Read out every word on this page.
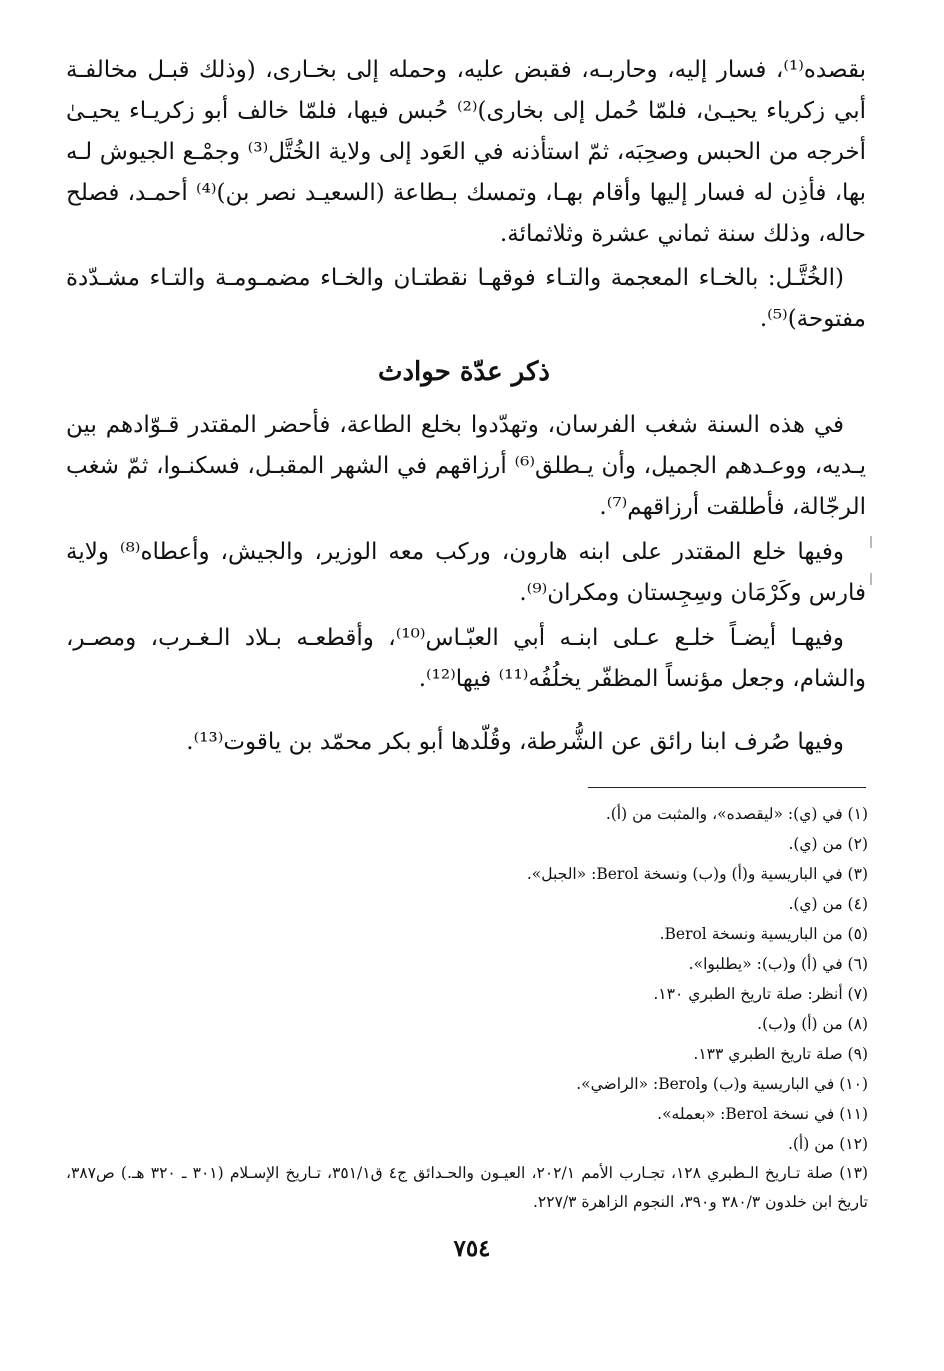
بقصده⁽¹⁾، فسار إليه، وحاربـه، فقبض عليه، وحمله إلى بخـارى، (وذلك قبـل مخالفـة أبي زكرياء يحيـىٰ، فلمّا حُمل إلى بخارى)⁽²⁾ حُبس فيها، فلمّا خالف أبو زكريـاء يحيـىٰ أخرجه من الحبس وصحِبَه، ثمّ استأذنه في العَود إلى ولاية الخُتَّل⁽³⁾ وجمْـع الجيوش لـه بها، فأذِن له فسار إليها وأقام بهـا، وتمسك بـطاعة (السعيـد نصر بن)⁽⁴⁾ أحمـد، فصلح حاله، وذلك سنة ثماني عشرة وثلاثمائة.

(الخُتَّـل: بالخـاء المعجمة والتـاء فوقهـا نقطتـان والخـاء مضمـومـة والتـاء مشـدّدة مفتوحة)⁽⁵⁾.

ذكر عدّة حوادث

في هذه السنة شغب الفرسان، وتهدّدوا بخلع الطاعة، فأحضر المقتدر قـوّادهم بين يـديه، ووعـدهم الجميل، وأن يـطلق⁽⁶⁾ أرزاقهم في الشهر المقبـل، فسكنـوا، ثمّ شغب الرجّالة، فأطلقت أرزاقهم⁽⁷⁾.

وفيها خلع المقتدر على ابنه هارون، وركب معه الوزير، والجيش، وأعطاه⁽⁸⁾ ولاية فارس وكَرْمَان وسِجِستان ومكران⁽⁹⁾.

وفيهـا أيضـاً خلـع عـلى ابنـه أبي العبّـاس⁽¹⁰⁾، وأقطعـه بـلاد الـغـرب، ومصـر، والشام، وجعل مؤنساً المظفّر يخلُفُه⁽¹¹⁾ فيها⁽¹²⁾.

وفيها صُرف ابنا رائق عن الشُّرطة، وقُلّدها أبو بكر محمّد بن ياقوت⁽¹³⁾.

(١) في (ي): «ليقصده»، والمثبت من (أ).
(٢) من (ي).
(٣) في الباريسية و(أ) و(ب) ونسخة Berol: «الجبل».
(٤) من (ي).
(٥) من الباريسية ونسخة Berol.
(٦) في (أ) و(ب): «يطلبوا».
(٧) أنظر: صلة تاريخ الطبري ١٣٠.
(٨) من (أ) و(ب).
(٩) صلة تاريخ الطبري ١٣٣.
(١٠) في الباريسية و(ب) وBerol: «الراضي».
(١١) في نسخة Berol: «بعمله».
(١٢) من (أ).
(١٣) صلة تـاريخ الـطبري ١٢٨، تجـارب الأمم ٢٠٢/١، العيـون والحـدائق ج٤ ق٣٥١/١، تـاريخ الإسـلام (٣٠١ ـ ٣٢٠ هـ.) ص٣٨٧، تاريخ ابن خلدون ٣٨٠/٣ و٣٩٠، النجوم الزاهرة ٢٢٧/٣.
٧٥٤
